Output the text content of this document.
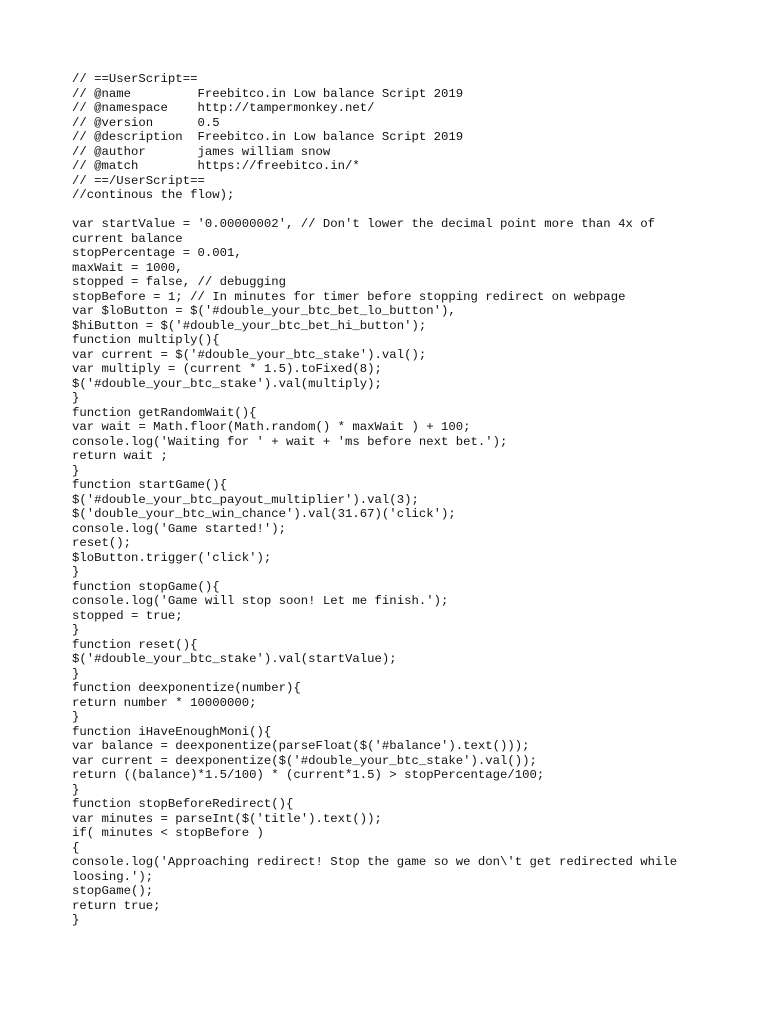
// ==UserScript==
// @name         Freebitco.in Low balance Script 2019
// @namespace    http://tampermonkey.net/
// @version      0.5
// @description  Freebitco.in Low balance Script 2019
// @author       james william snow
// @match        https://freebitco.in/*
// ==/UserScript==
//continous the flow);
var startValue = '0.00000002', // Don't lower the decimal point more than 4x of
current balance
stopPercentage = 0.001,
maxWait = 1000,
stopped = false, // debugging
stopBefore = 1; // In minutes for timer before stopping redirect on webpage
var $loButton = $('#double_your_btc_bet_lo_button'),
$hiButton = $('#double_your_btc_bet_hi_button');
function multiply(){
var current = $('#double_your_btc_stake').val();
var multiply = (current * 1.5).toFixed(8);
$('#double_your_btc_stake').val(multiply);
}
function getRandomWait(){
var wait = Math.floor(Math.random() * maxWait ) + 100;
console.log('Waiting for ' + wait + 'ms before next bet.');
return wait ;
}
function startGame(){
$('#double_your_btc_payout_multiplier').val(3);
$('double_your_btc_win_chance').val(31.67)('click');
console.log('Game started!');
reset();
$loButton.trigger('click');
}
function stopGame(){
console.log('Game will stop soon! Let me finish.');
stopped = true;
}
function reset(){
$('#double_your_btc_stake').val(startValue);
}
function deexponentize(number){
return number * 10000000;
}
function iHaveEnoughMoni(){
var balance = deexponentize(parseFloat($('#balance').text()));
var current = deexponentize($('#double_your_btc_stake').val());
return ((balance)*1.5/100) * (current*1.5) > stopPercentage/100;
}
function stopBeforeRedirect(){
var minutes = parseInt($('title').text());
if( minutes < stopBefore )
{
console.log('Approaching redirect! Stop the game so we don\'t get redirected while
loosing.');
stopGame();
return true;
}
